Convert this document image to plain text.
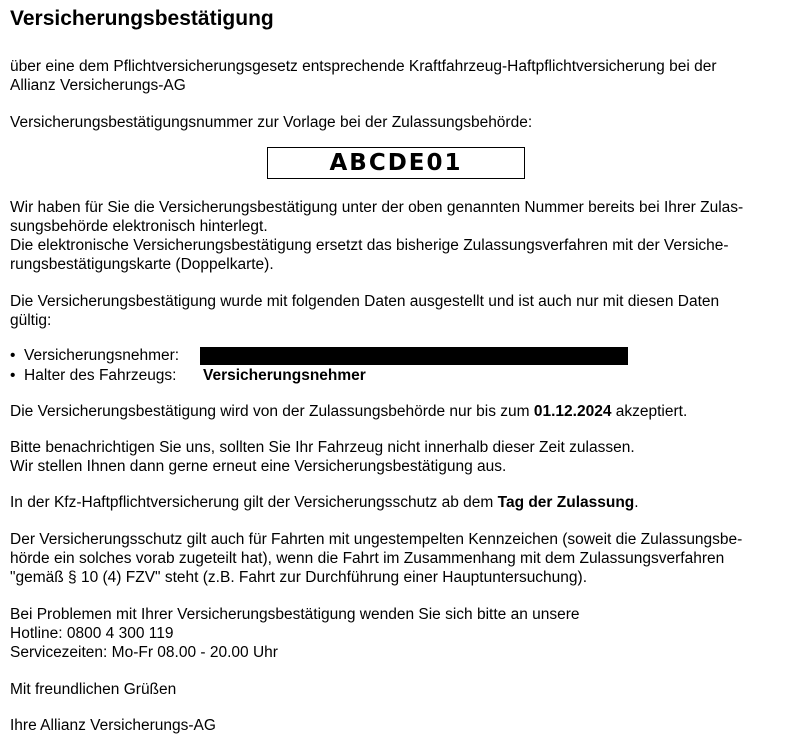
Versicherungsbestätigung

über eine dem Pflichtversicherungsgesetz entsprechende Kraftfahrzeug-Haftpflichtversicherung bei der
Allianz Versicherungs-AG

Versicherungsbestätigungsnummer zur Vorlage bei der Zulassungsbehörde:

ABCDE01

Wir haben für Sie die Versicherungsbestätigung unter der oben genannten Nummer bereits bei Ihrer Zulas-
sungsbehörde elektronisch hinterlegt.
Die elektronische Versicherungsbestätigung ersetzt das bisherige Zulassungsverfahren mit der Versiche-
rungsbestätigungskarte (Doppelkarte).

Die Versicherungsbestätigung wurde mit folgenden Daten ausgestellt und ist auch nur mit diesen Daten
gültig:

• Versicherungsnehmer:
• Halter des Fahrzeugs: Versicherungsnehmer

Die Versicherungsbestätigung wird von der Zulassungsbehörde nur bis zum 01.12.2024 akzeptiert.

Bitte benachrichtigen Sie uns, sollten Sie Ihr Fahrzeug nicht innerhalb dieser Zeit zulassen.
Wir stellen Ihnen dann gerne erneut eine Versicherungsbestätigung aus.

In der Kfz-Haftpflichtversicherung gilt der Versicherungsschutz ab dem Tag der Zulassung.

Der Versicherungsschutz gilt auch für Fahrten mit ungestempelten Kennzeichen (soweit die Zulassungsbe-
hörde ein solches vorab zugeteilt hat), wenn die Fahrt im Zusammenhang mit dem Zulassungsverfahren
"gemäß § 10 (4) FZV" steht (z.B. Fahrt zur Durchführung einer Hauptuntersuchung).

Bei Problemen mit Ihrer Versicherungsbestätigung wenden Sie sich bitte an unsere
Hotline: 0800 4 300 119
Servicezeiten: Mo-Fr 08.00 - 20.00 Uhr

Mit freundlichen Grüßen

Ihre Allianz Versicherungs-AG
